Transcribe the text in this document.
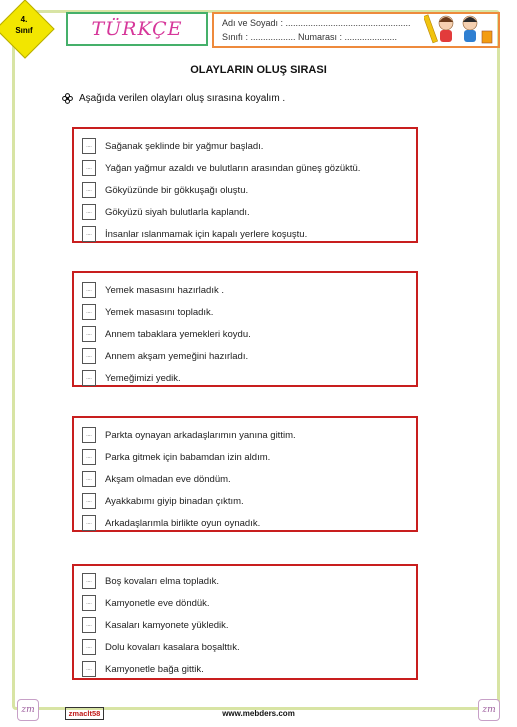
4.
Sınıf	TÜRKÇE	Adı ve Soyadı : ..................................................
Sınıfı : .................. Numarası : .....................
OLAYLARIN OLUŞ SIRASI
Aşağıda verilen olayları oluş sırasına koyalım .
....	Sağanak şeklinde bir yağmur başladı.
....	Yağan yağmur azaldı ve bulutların arasından güneş gözüktü.
....	Gökyüzünde bir gökkuşağı oluştu.
....	Gökyüzü siyah bulutlarla kaplandı.
....	İnsanlar ıslanmamak için kapalı yerlere koşuştu.
....	Yemek masasını hazırladık .
....	Yemek masasını topladık.
....	Annem tabaklara yemekleri koydu.
....	Annem akşam yemeğini hazırladı.
....	Yemeğimizi yedik.
....	Parkta oynayan arkadaşlarımın yanına gittim.
....	Parka gitmek için babamdan izin aldım.
....	Akşam olmadan eve döndüm.
....	Ayakkabımı giyip binadan çıktım.
....	Arkadaşlarımla birlikte oyun oynadık.
....	Boş kovaları elma topladık.
....	Kamyonetle eve döndük.
....	Kasaları kamyonete yükledik.
....	Dolu kovaları kasalara boşalttık.
....	Kamyonetle bağa gittik.
zm	zmaclt58	www.mebders.com	zm
